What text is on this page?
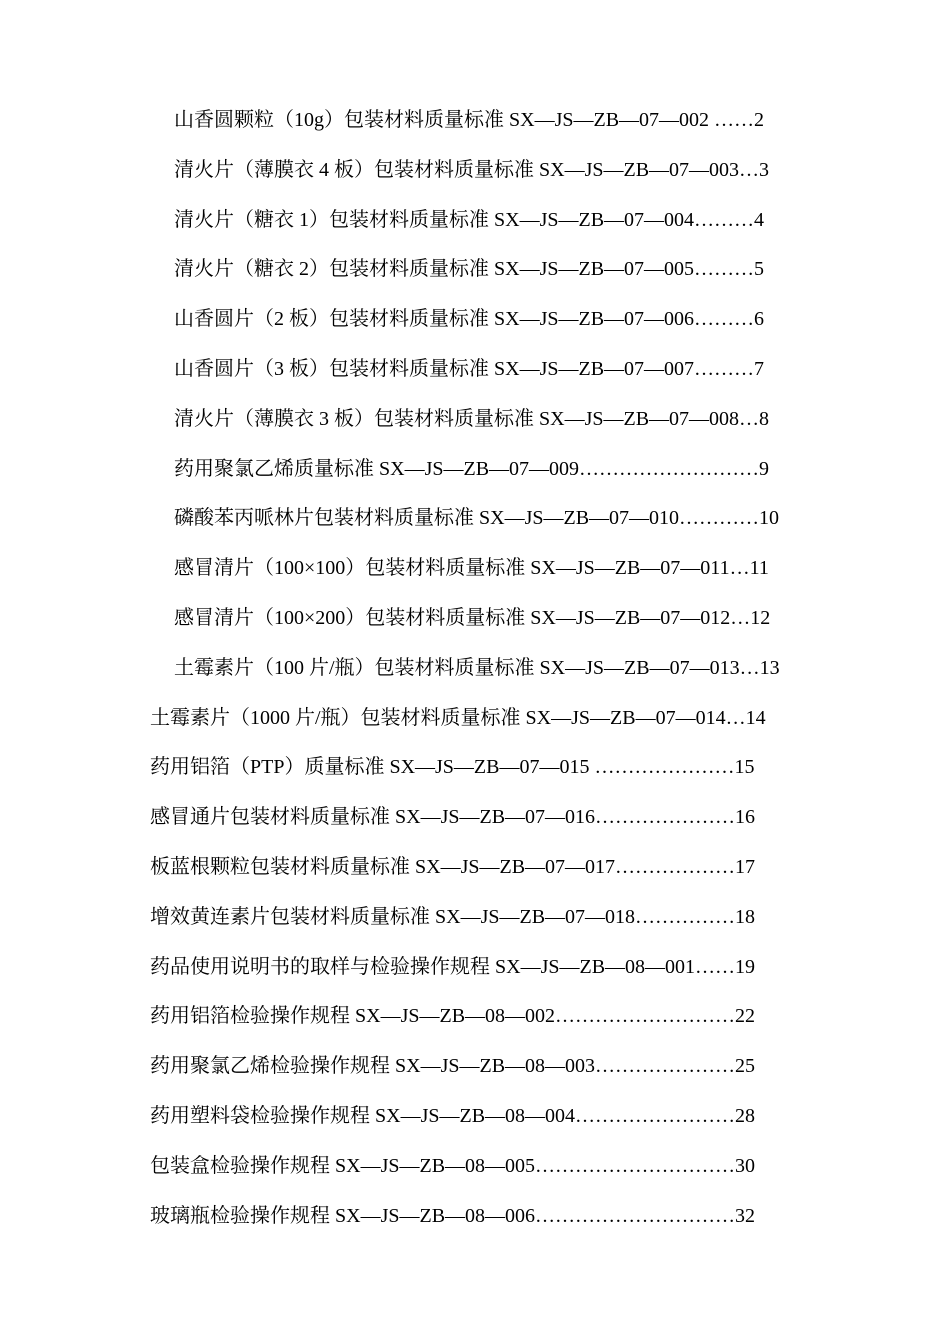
山香圆颗粒（10g）包装材料质量标准 SX—JS—ZB—07—002 ……2
清火片（薄膜衣 4 板）包装材料质量标准 SX—JS—ZB—07—003…3
清火片（糖衣 1）包装材料质量标准 SX—JS—ZB—07—004………4
清火片（糖衣 2）包装材料质量标准 SX—JS—ZB—07—005………5
山香圆片（2 板）包装材料质量标准 SX—JS—ZB—07—006………6
山香圆片（3 板）包装材料质量标准 SX—JS—ZB—07—007………7
清火片（薄膜衣 3 板）包装材料质量标准 SX—JS—ZB—07—008…8
药用聚氯乙烯质量标准 SX—JS—ZB—07—009………………………9
磷酸苯丙哌林片包装材料质量标准 SX—JS—ZB—07—010…………10
感冒清片（100×100）包装材料质量标准 SX—JS—ZB—07—011…11
感冒清片（100×200）包装材料质量标准 SX—JS—ZB—07—012…12
土霉素片（100 片/瓶）包装材料质量标准 SX—JS—ZB—07—013…13
土霉素片（1000 片/瓶）包装材料质量标准 SX—JS—ZB—07—014…14
药用铝箔（PTP）质量标准 SX—JS—ZB—07—015 …………………15
感冒通片包装材料质量标准 SX—JS—ZB—07—016…………………16
板蓝根颗粒包装材料质量标准 SX—JS—ZB—07—017………………17
增效黄连素片包装材料质量标准 SX—JS—ZB—07—018……………18
药品使用说明书的取样与检验操作规程 SX—JS—ZB—08—001……19
药用铝箔检验操作规程 SX—JS—ZB—08—002………………………22
药用聚氯乙烯检验操作规程 SX—JS—ZB—08—003…………………25
药用塑料袋检验操作规程 SX—JS—ZB—08—004……………………28
包装盒检验操作规程 SX—JS—ZB—08—005…………………………30
玻璃瓶检验操作规程 SX—JS—ZB—08—006…………………………32
